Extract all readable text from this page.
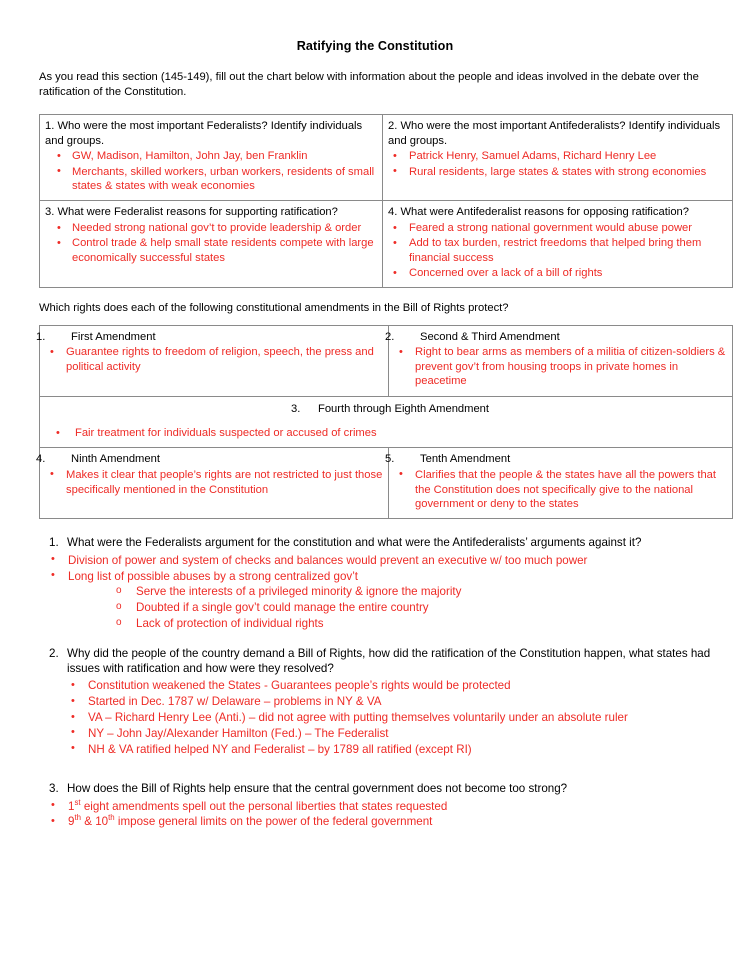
Ratifying the Constitution
As you read this section (145-149), fill out the chart below with information about the people and ideas involved in the debate over the ratification of the Constitution.
1. Who were the most important Federalists? Identify individuals and groups.
• GW, Madison, Hamilton, John Jay, ben Franklin
• Merchants, skilled workers, urban workers, residents of small states & states with weak economies

2. Who were the most important Antifederalists? Identify individuals and groups.
• Patrick Henry, Samuel Adams, Richard Henry Lee
• Rural residents, large states & states with strong economies

3. What were Federalist reasons for supporting ratification?
• Needed strong national gov’t to provide leadership & order
• Control trade & help small state residents compete with large economically successful states

4. What were Antifederalist reasons for opposing ratification?
• Feared a strong national government would abuse power
• Add to tax burden, restrict freedoms that helped bring them financial success
• Concerned over a lack of a bill of rights
Which rights does each of the following constitutional amendments in the Bill of Rights protect?
1. First Amendment
• Guarantee rights to freedom of religion, speech, the press and political activity

2. Second & Third Amendment
• Right to bear arms as members of a militia of citizen-soldiers & prevent gov’t from housing troops in private homes in peacetime

3. Fourth through Eighth Amendment
• Fair treatment for individuals suspected or accused of crimes

4. Ninth Amendment
• Makes it clear that people’s rights are not restricted to just those specifically mentioned in the Constitution

5. Tenth Amendment
• Clarifies that the people & the states have all the powers that the Constitution does not specifically give to the national government or deny to the states
1. What were the Federalists argument for the constitution and what were the Antifederalists’ arguments against it?
• Division of power and system of checks and balances would prevent an executive w/ too much power
• Long list of possible abuses by a strong centralized gov’t
o Serve the interests of a privileged minority & ignore the majority
o Doubted if a single gov’t could manage the entire country
o Lack of protection of individual rights
2. Why did the people of the country demand a Bill of Rights, how did the ratification of the Constitution happen, what states had issues with ratification and how were they resolved?
• Constitution weakened the States - Guarantees people’s rights would be protected
• Started in Dec. 1787 w/ Delaware – problems in NY & VA
• VA – Richard Henry Lee (Anti.) – did not agree with putting themselves voluntarily under an absolute ruler
• NY – John Jay/Alexander Hamilton (Fed.) – The Federalist
• NH & VA ratified helped NY and Federalist – by 1789 all ratified (except RI)
3. How does the Bill of Rights help ensure that the central government does not become too strong?
• 1st eight amendments spell out the personal liberties that states requested
• 9th & 10th impose general limits on the power of the federal government
